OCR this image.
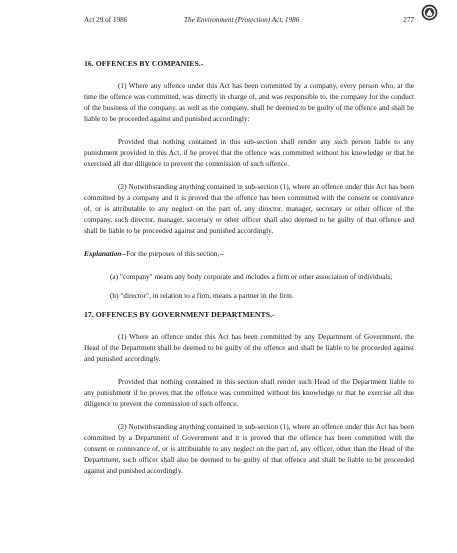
Act 29 of 1986	The Environment (Protection) Act, 1986	277
16. OFFENCES BY COMPANIES.-

(1) Where any offence under this Act has been committed by a company, every person who, at the time the offence was committed, was directly in charge of, and was responsible to, the company for the conduct of the business of the company, as well as the company, shall be deemed to be guilty of the offence and shall be liable to be proceeded against and punished accordingly:

Provided that nothing contained in this sub-section shall render any such person liable to any punishment provided in this Act, if he proves that the offence was committed without his knowledge or that he exercised all due diligence to prevent the commission of such offence.

(2) Notwithstanding anything contained in sub-section (1), where an offence under this Act has been committed by a company and it is proved that the offence has been committed with the consent or connivance of, or is attributable to any neglect on the part of, any director, manager, secretary or other officer of the company, such director, manager, secretary or other officer shall also deemed to be guilty of that offence and shall be liable to be proceeded against and punished accordingly.

Explanation--For the purposes of this section,--

(a) "company" means any body corporate and includes a firm or other association of individuals;
(b) "director", in relation to a firm, means a partner in the firm.
17. OFFENCES BY GOVERNMENT DEPARTMENTS.-

(1) Where an offence under this Act has been committed by any Department of Government, the Head of the Department shall be deemed to be guilty of the offence and shall be liable to be proceeded against and punished accordingly.

Provided that nothing contained in this section shall render such Head of the Department liable to any punishment if he proves that the offence was committed without his knowledge or that he exercise all due diligence to prevent the commission of such offence.

(2) Notwithstanding anything contained in sub-section (1), where an offence under this Act has been committed by a Department of Government and it is proved that the offence has been committed with the consent or connivance of, or is attributable to any neglect on the part of, any officer, other than the Head of the Department, such officer shall also be deemed to be guilty of that offence and shall be liable to be proceeded against and punished accordingly.
